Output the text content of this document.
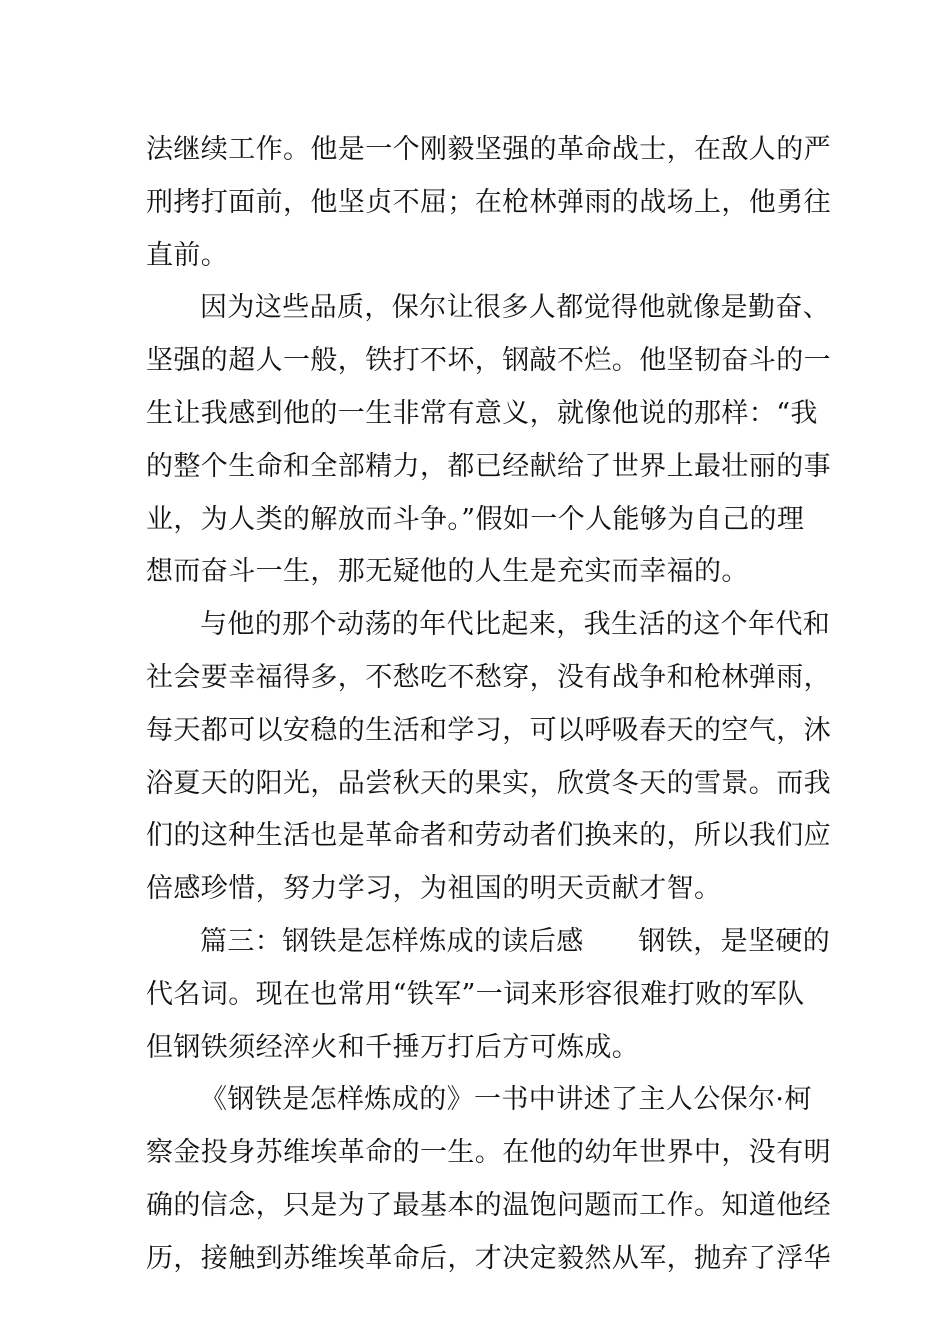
法继续工作。他是一个刚毅坚强的革命战士，在敌人的严
刑拷打面前，他坚贞不屈；在枪林弹雨的战场上，他勇往
直前。
因为这些品质，保尔让很多人都觉得他就像是勤奋、
坚强的超人一般，铁打不坏，钢敲不烂。他坚韧奋斗的一
生让我感到他的一生非常有意义，就像他说的那样：“我
的整个生命和全部精力，都已经献给了世界上最壮丽的事
业，为人类的解放而斗争。”假如一个人能够为自己的理
想而奋斗一生，那无疑他的人生是充实而幸福的。
与他的那个动荡的年代比起来，我生活的这个年代和
社会要幸福得多，不愁吃不愁穿，没有战争和枪林弹雨，
每天都可以安稳的生活和学习，可以呼吸春天的空气，沐
浴夏天的阳光，品尝秋天的果实，欣赏冬天的雪景。而我
们的这种生活也是革命者和劳动者们换来的，所以我们应
倍感珍惜，努力学习，为祖国的明天贡献才智。
篇三：钢铁是怎样炼成的读后感　　钢铁，是坚硬的
代名词。现在也常用“铁军”一词来形容很难打败的军队
但钢铁须经淬火和千捶万打后方可炼成。
《钢铁是怎样炼成的》一书中讲述了主人公保尔·柯
察金投身苏维埃革命的一生。在他的幼年世界中，没有明
确的信念，只是为了最基本的温饱问题而工作。知道他经
历，接触到苏维埃革命后，才决定毅然从军，抛弃了浮华
